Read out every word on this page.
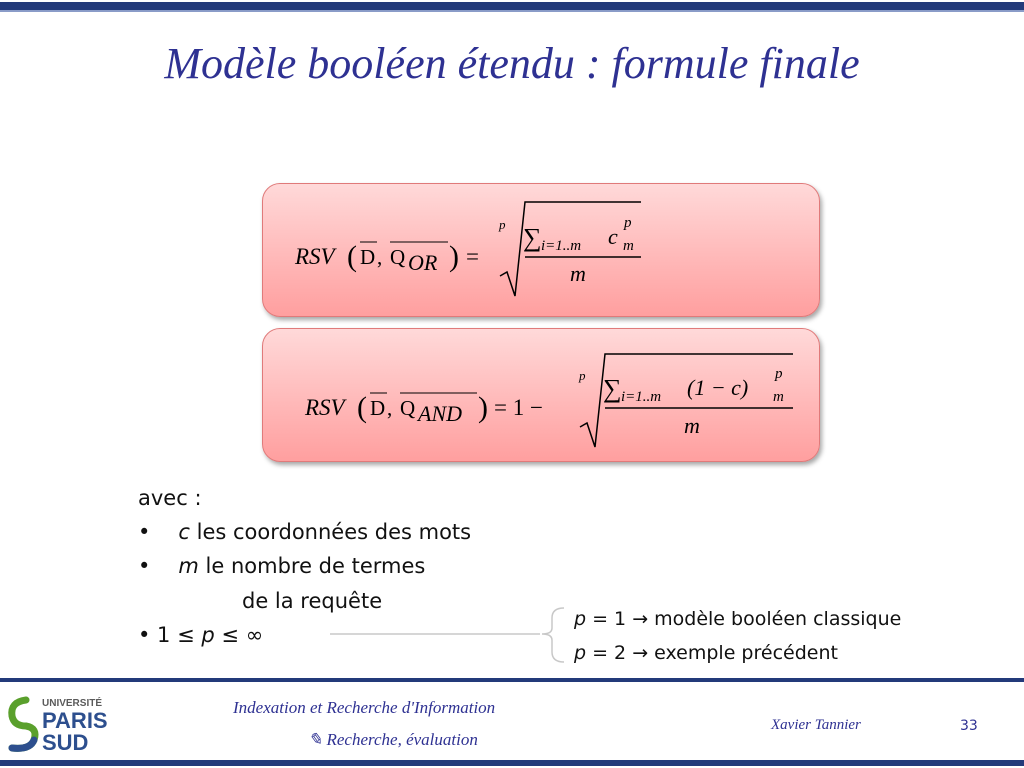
Modèle booléen étendu : formule finale
RSV ( D , Q OR ) =
p ∑ i=1..m c
p
m
m
RSV ( D , Q AND ) = 1 −
p ∑ i=1..m (1 − c)
p
m
m
avec :
• c les coordonnées des mots
• m le nombre de termes
de la requête
• 1 ≤ p ≤ ∞
p = 1 → modèle booléen classique
p = 2 → exemple précédent
UNIVERSITÉ
PARIS
SUD
Indexation et Recherche d'Information
✎ Recherche, évaluation
Xavier Tannier	33
